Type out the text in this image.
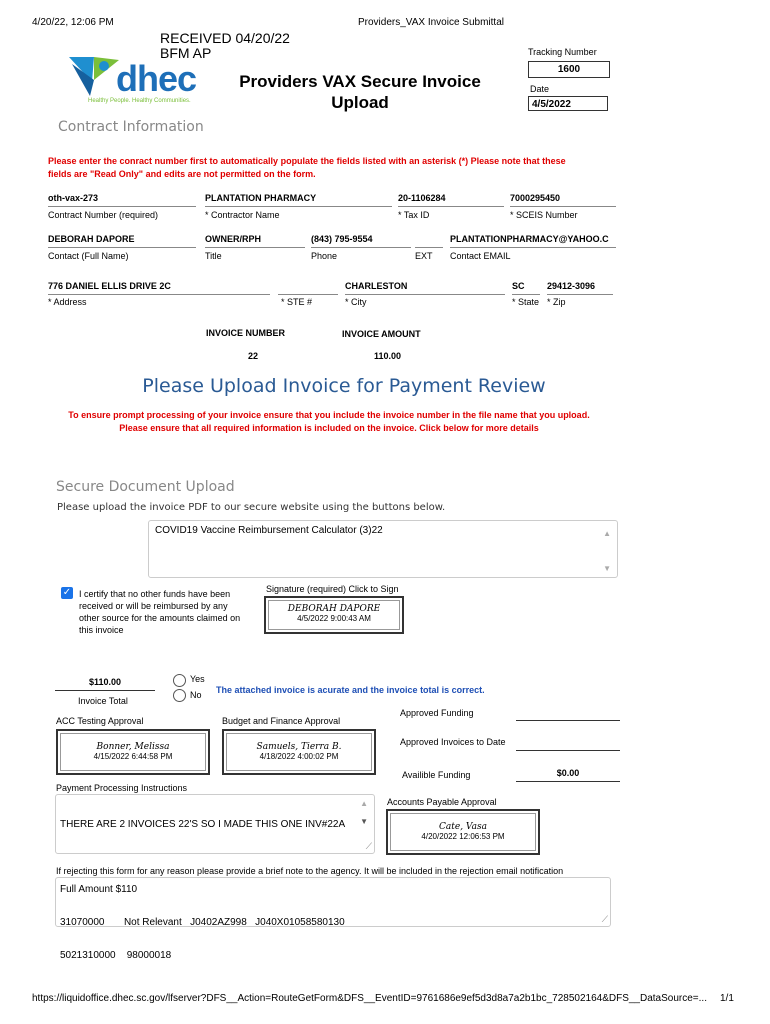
4/20/22, 12:06 PM	Providers_VAX Invoice Submittal
RECEIVED 04/20/22
BFM AP
dhec
Healthy People. Healthy Communities.
Providers VAX Secure Invoice
Upload
Tracking Number
1600
Date
4/5/2022
Contract Information
Please enter the conract number first to automatically populate the fields listed with an asterisk (*) Please note that these
fields are "Read Only" and edits are not permitted on the form.
oth-vax-273
Contract Number (required)
PLANTATION PHARMACY
* Contractor Name
20-1106284
* Tax ID
7000295450
* SCEIS Number
DEBORAH DAPORE
Contact (Full Name)
OWNER/RPH
Title
(843) 795-9554
Phone	EXT
PLANTATIONPHARMACY@YAHOO.C
Contact EMAIL
776 DANIEL ELLIS DRIVE 2C
* Address	* STE #
CHARLESTON
* City
SC
* State
29412-3096
* Zip
INVOICE NUMBER
22
INVOICE AMOUNT
110.00
Please Upload Invoice for Payment Review
To ensure prompt processing of your invoice ensure that you include the invoice number in the file name that you upload.
Please ensure that all required information is included on the invoice. Click below for more details
Secure Document Upload
Please upload the invoice PDF to our secure website using the buttons below.
COVID19 Vaccine Reimbursement Calculator (3)22	▲
▼
✓ I certify that no other funds have been
received or will be reimbursed by any
other source for the amounts claimed on
this invoice
Signature (required) Click to Sign
DEBORAH DAPORE
4/5/2022 9:00:43 AM
$110.00
Invoice Total
Yes
No The attached invoice is acurate and the invoice total is correct.
Approved Funding
ACC Testing Approval	Budget and Finance Approval
Bonner, Melissa
4/15/2022 6:44:58 PM
Samuels, Tierra B.
4/18/2022 4:00:02 PM
Approved Invoices to Date
Availible Funding	$0.00
Payment Processing Instructions

THERE ARE 2 INVOICES 22'S SO I MADE THIS ONE INV#22A

Full Amount $110

31070000       Not Relevant   J0402AZ998   J040X01058580130

5021310000    98000018

▲
▼
⟋
Accounts Payable Approval
Cate, Vasa
4/20/2022 12:06:53 PM
If rejecting this form for any reason please provide a brief note to the agency. It will be included in the rejection email notification
⟋
https://liquidoffice.dhec.sc.gov/lfserver?DFS__Action=RouteGetForm&DFS__EventID=9761686e9ef5d3d8a7a2b1bc_728502164&DFS__DataSource=...	1/1
